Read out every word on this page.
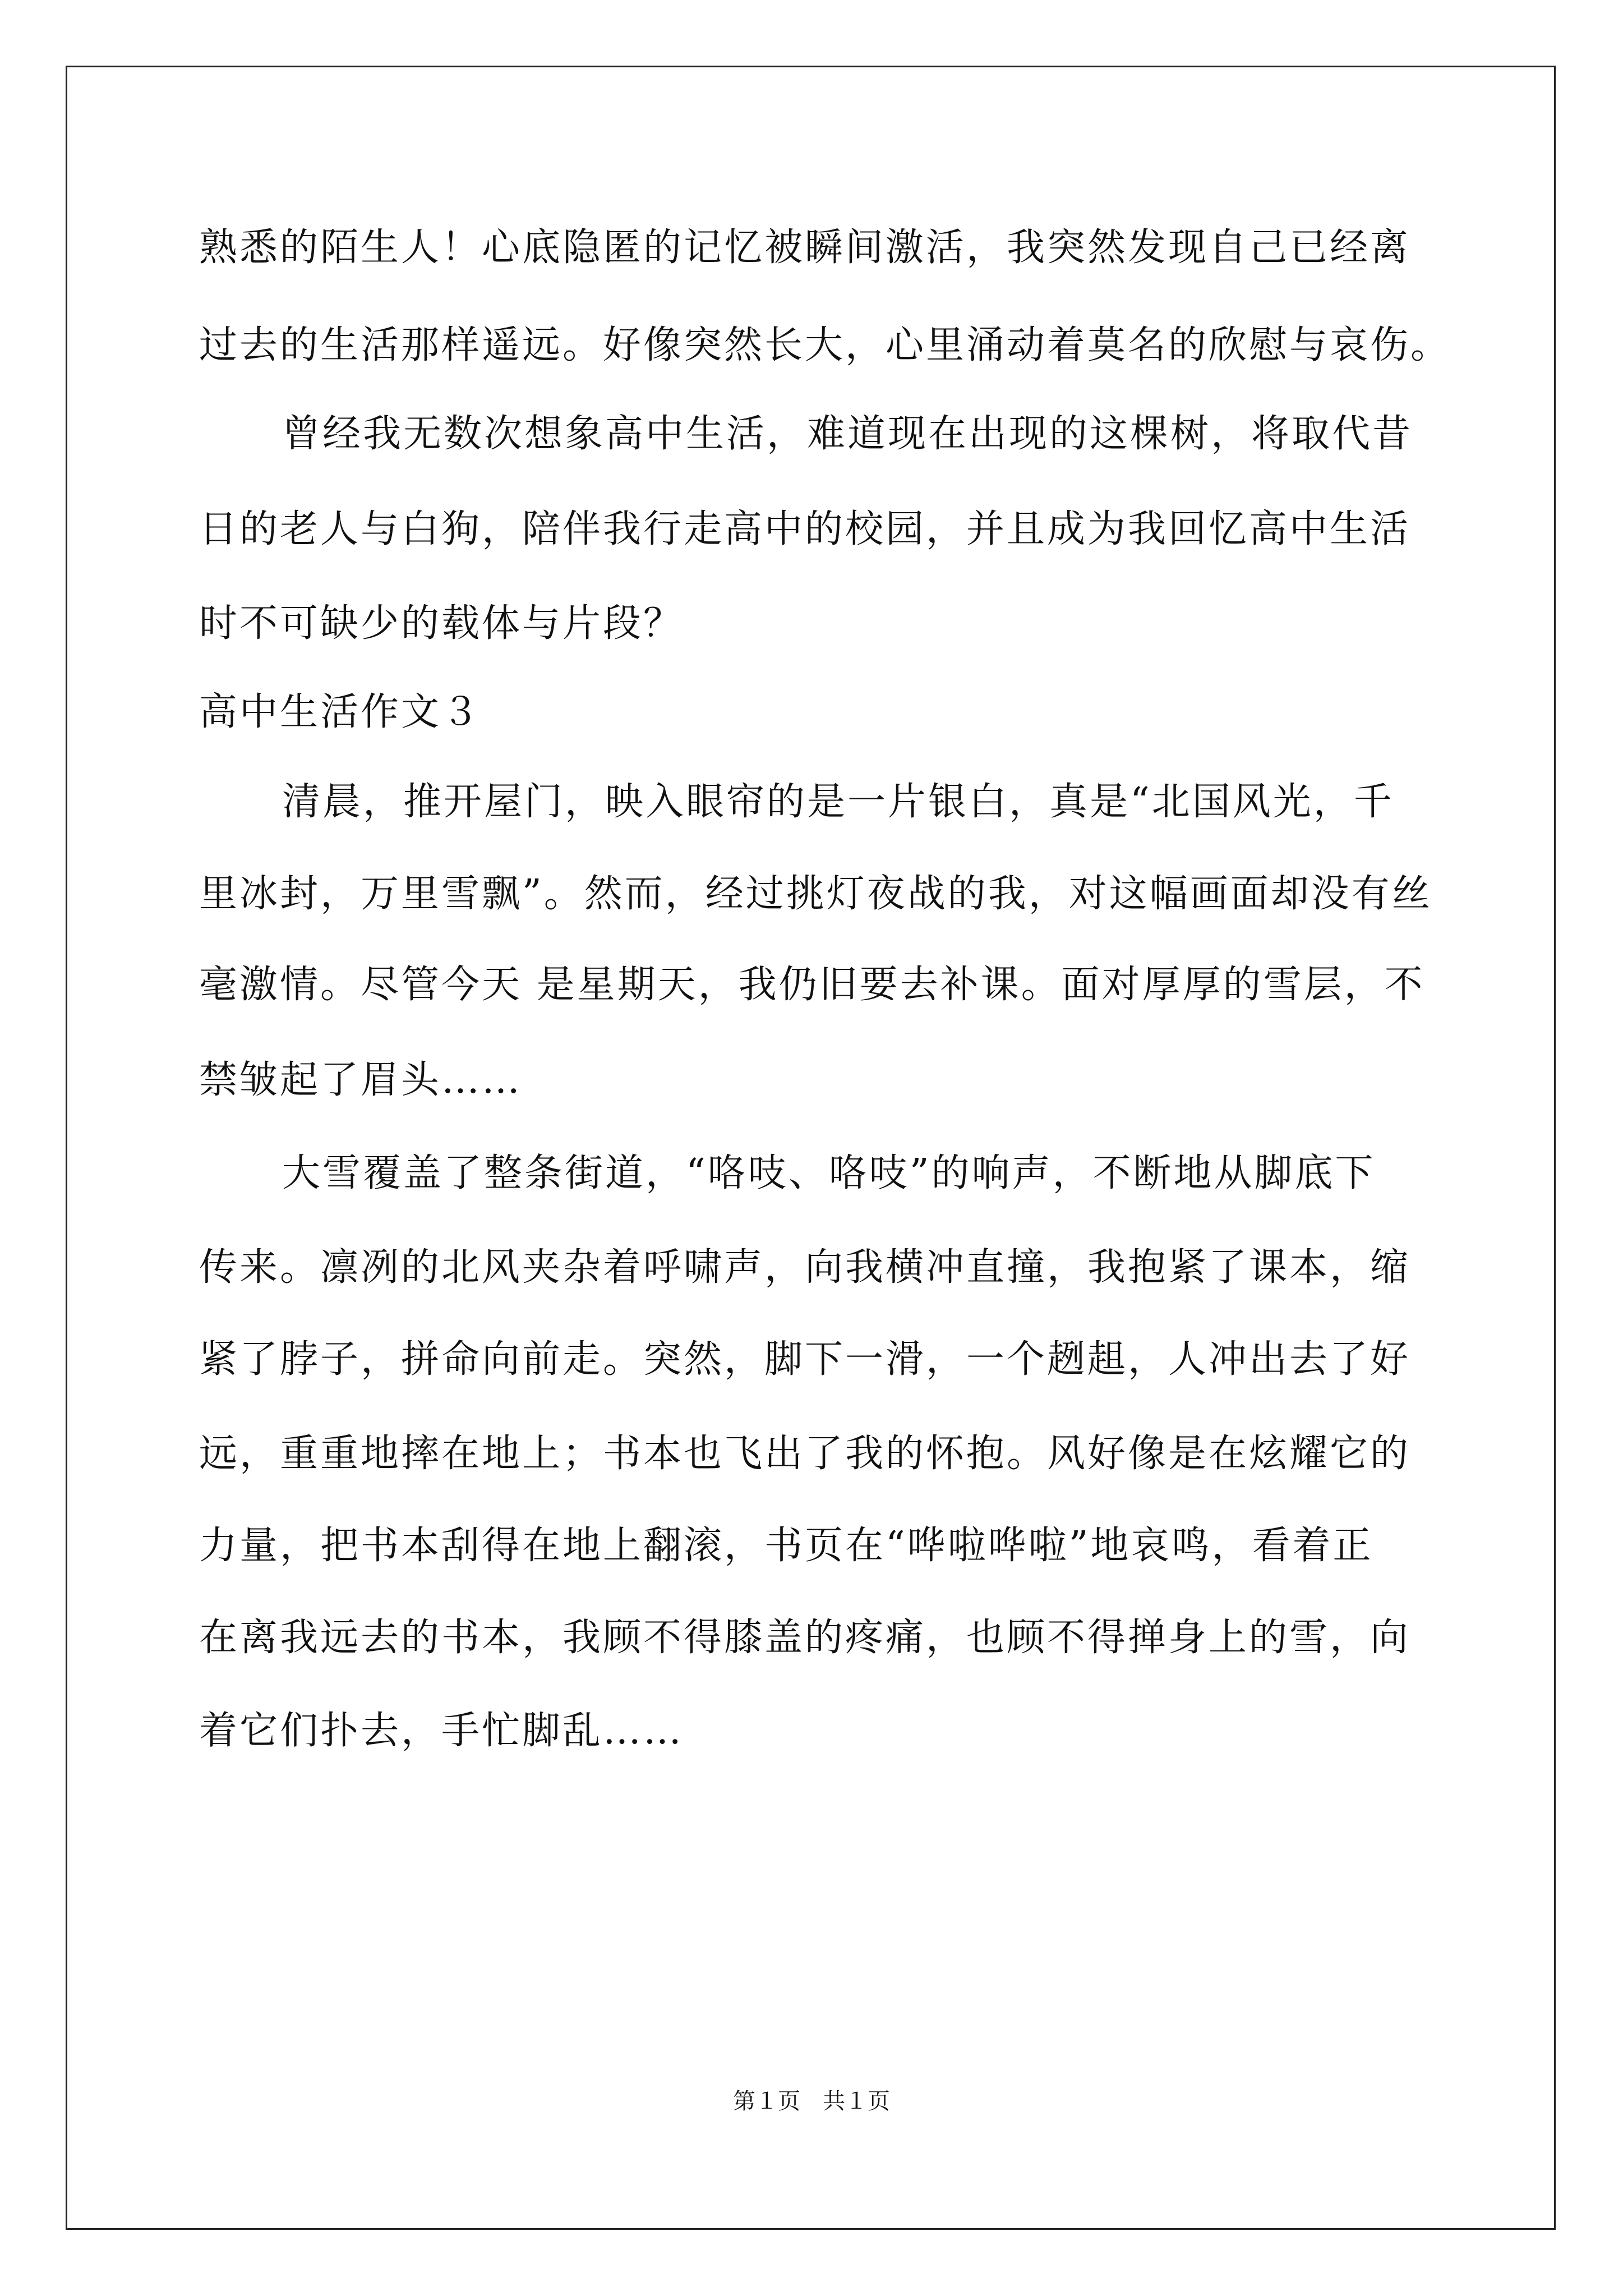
熟悉的陌生人！心底隐匿的记忆被瞬间激活，我突然发现自己已经离
过去的生活那样遥远。好像突然长大，心里涌动着莫名的欣慰与哀伤。
曾经我无数次想象高中生活，难道现在出现的这棵树，将取代昔
日的老人与白狗，陪伴我行走高中的校园，并且成为我回忆高中生活
时不可缺少的载体与片段？
高中生活作文３
清晨，推开屋门，映入眼帘的是一片银白，真是“北国风光，千
里冰封，万里雪飘”。然而，经过挑灯夜战的我，对这幅画面却没有丝
毫激情。尽管今天 是星期天，我仍旧要去补课。面对厚厚的雪层，不
禁皱起了眉头……
大雪覆盖了整条街道，“咯吱、咯吱”的响声，不断地从脚底下
传来。凛冽的北风夹杂着呼啸声，向我横冲直撞，我抱紧了课本，缩
紧了脖子，拼命向前走。突然，脚下一滑，一个趔趄，人冲出去了好
远，重重地摔在地上；书本也飞出了我的怀抱。风好像是在炫耀它的
力量，把书本刮得在地上翻滚，书页在“哗啦哗啦”地哀鸣，看着正
在离我远去的书本，我顾不得膝盖的疼痛，也顾不得掸身上的雪，向
着它们扑去，手忙脚乱……
第１页　共１页
